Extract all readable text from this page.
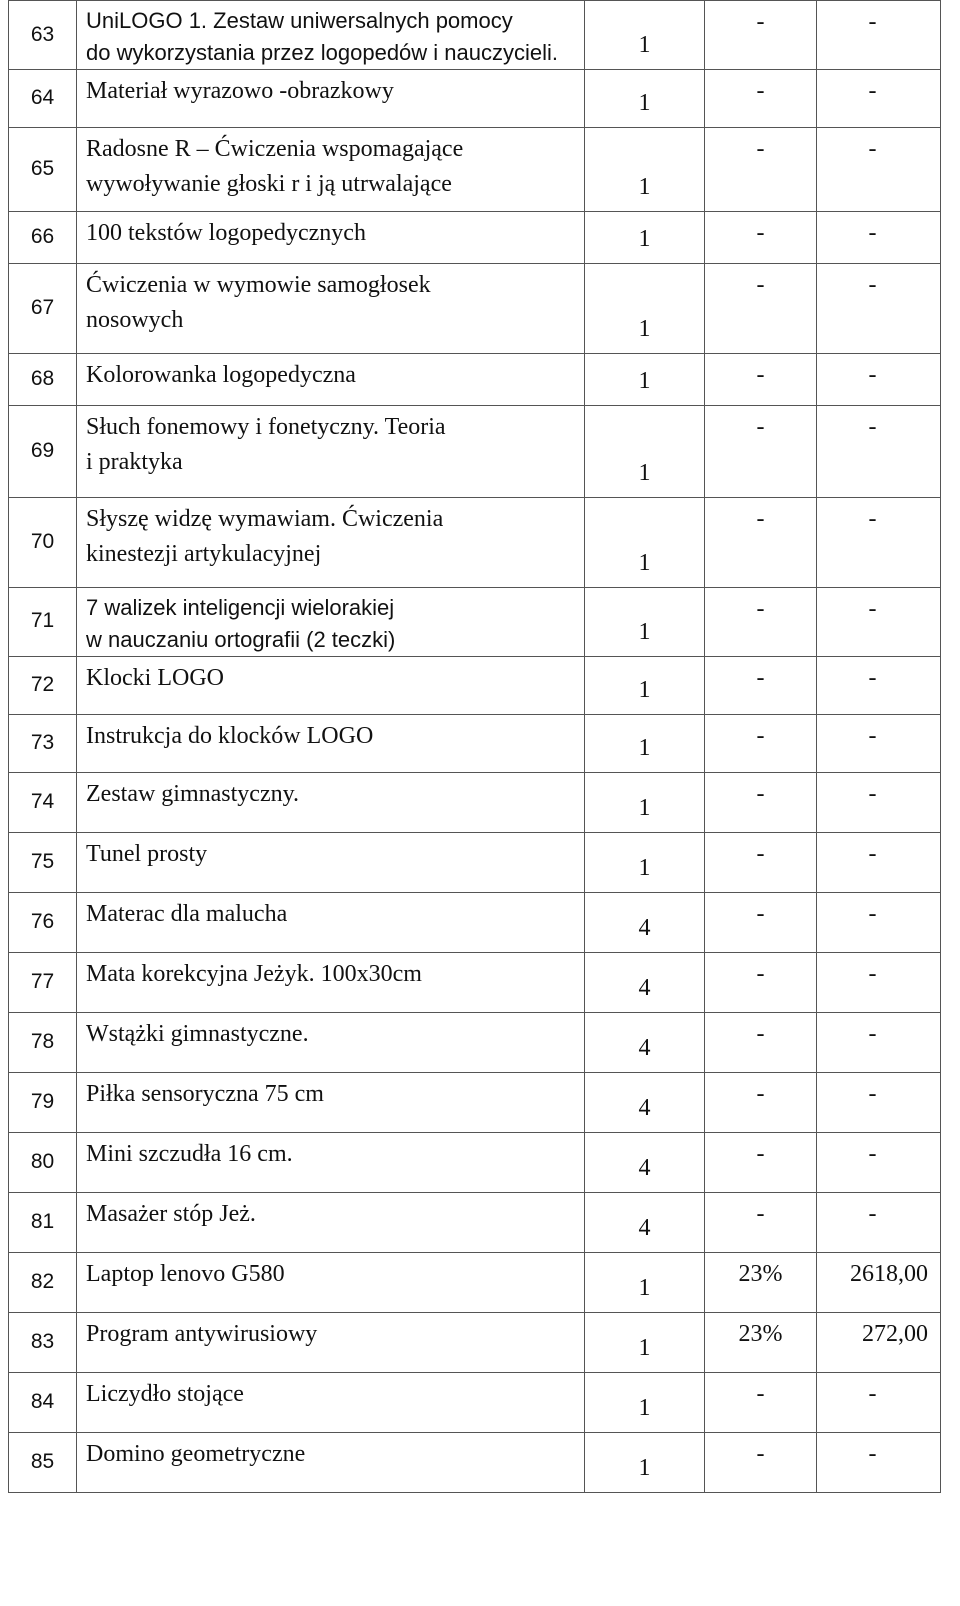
63	UniLOGO 1. Zestaw uniwersalnych pomocy
do wykorzystania przez logopedów i nauczycieli.	1	-	-
64	Materiał wyrazowo -obrazkowy	1	-	-
65	Radosne R – Ćwiczenia wspomagające
wywoływanie głoski r i ją utrwalające	1	-	-
66	100 tekstów logopedycznych	1	-	-
67	Ćwiczenia w wymowie samogłosek
nosowych	1	-	-
68	Kolorowanka logopedyczna	1	-	-
69	Słuch fonemowy i fonetyczny. Teoria
i praktyka	1	-	-
70	Słyszę widzę wymawiam. Ćwiczenia
kinestezji artykulacyjnej	1	-	-
71	7 walizek inteligencji wielorakiej
w nauczaniu ortografii (2 teczki)	1	-	-
72	Klocki LOGO	1	-	-
73	Instrukcja do klocków LOGO	1	-	-
74	Zestaw gimnastyczny.	1	-	-
75	Tunel prosty	1	-	-
76	Materac dla malucha	4	-	-
77	Mata korekcyjna Jeżyk. 100x30cm	4	-	-
78	Wstążki gimnastyczne.	4	-	-
79	Piłka sensoryczna 75 cm	4	-	-
80	Mini szczudła 16 cm.	4	-	-
81	Masażer stóp Jeż.	4	-	-
82	Laptop lenovo G580	1	23%	2618,00
83	Program antywirusiowy	1	23%	272,00
84	Liczydło stojące	1	-	-
85	Domino geometryczne	1	-	-
